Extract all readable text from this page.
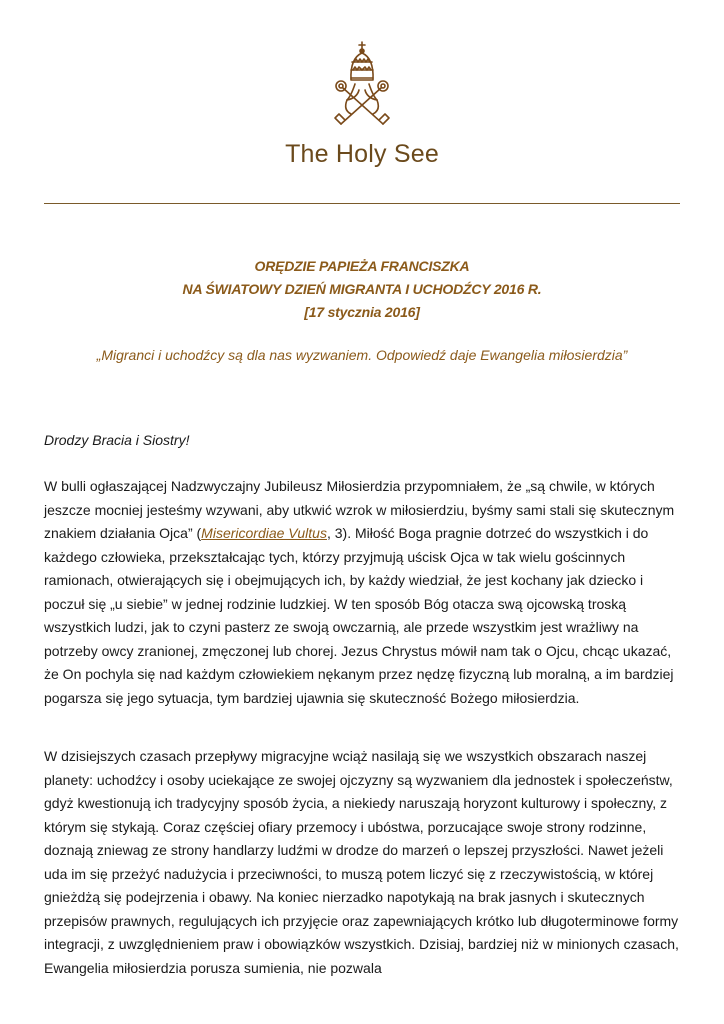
The Holy See
ORĘDZIE PAPIEŻA FRANCISZKA
NA ŚWIATOWY DZIEŃ MIGRANTA I UCHODŹCY 2016 R.
[17 stycznia 2016]
„Migranci i uchodźcy są dla nas wyzwaniem. Odpowiedź daje Ewangelia miłosierdzia”
Drodzy Bracia i Siostry!

W bulli ogłaszającej Nadzwyczajny Jubileusz Miłosierdzia przypomniałem, że „są chwile, w których jeszcze mocniej jesteśmy wzywani, aby utkwić wzrok w miłosierdziu, byśmy sami stali się skutecznym znakiem działania Ojca” (Misericordiae Vultus, 3). Miłość Boga pragnie dotrzeć do wszystkich i do każdego człowieka, przekształcając tych, którzy przyjmują uścisk Ojca w tak wielu gościnnych ramionach, otwierających się i obejmujących ich, by każdy wiedział, że jest kochany jak dziecko i poczuł się „u siebie” w jednej rodzinie ludzkiej. W ten sposób Bóg otacza swą ojcowską troską wszystkich ludzi, jak to czyni pasterz ze swoją owczarnią, ale przede wszystkim jest wrażliwy na potrzeby owcy zranionej, zmęczonej lub chorej. Jezus Chrystus mówił nam tak o Ojcu, chcąc ukazać, że On pochyla się nad każdym człowiekiem nękanym przez nędzę fizyczną lub moralną, a im bardziej pogarsza się jego sytuacja, tym bardziej ujawnia się skuteczność Bożego miłosierdzia.

W dzisiejszych czasach przepływy migracyjne wciąż nasilają się we wszystkich obszarach naszej planety: uchodźcy i osoby uciekające ze swojej ojczyzny są wyzwaniem dla jednostek i społeczeństw, gdyż kwestionują ich tradycyjny sposób życia, a niekiedy naruszają horyzont kulturowy i społeczny, z którym się stykają. Coraz częściej ofiary przemocy i ubóstwa, porzucające swoje strony rodzinne, doznają zniewag ze strony handlarzy ludźmi w drodze do marzeń o lepszej przyszłości. Nawet jeżeli uda im się przeżyć nadużycia i przeciwności, to muszą potem liczyć się z rzeczywistością, w której gnieżdżą się podejrzenia i obawy. Na koniec nierzadko napotykają na brak jasnych i skutecznych przepisów prawnych, regulujących ich przyjęcie oraz zapewniających krótko lub długoterminowe formy integracji, z uwzględnieniem praw i obowiązków wszystkich. Dzisiaj, bardziej niż w minionych czasach, Ewangelia miłosierdzia porusza sumienia, nie pozwala
